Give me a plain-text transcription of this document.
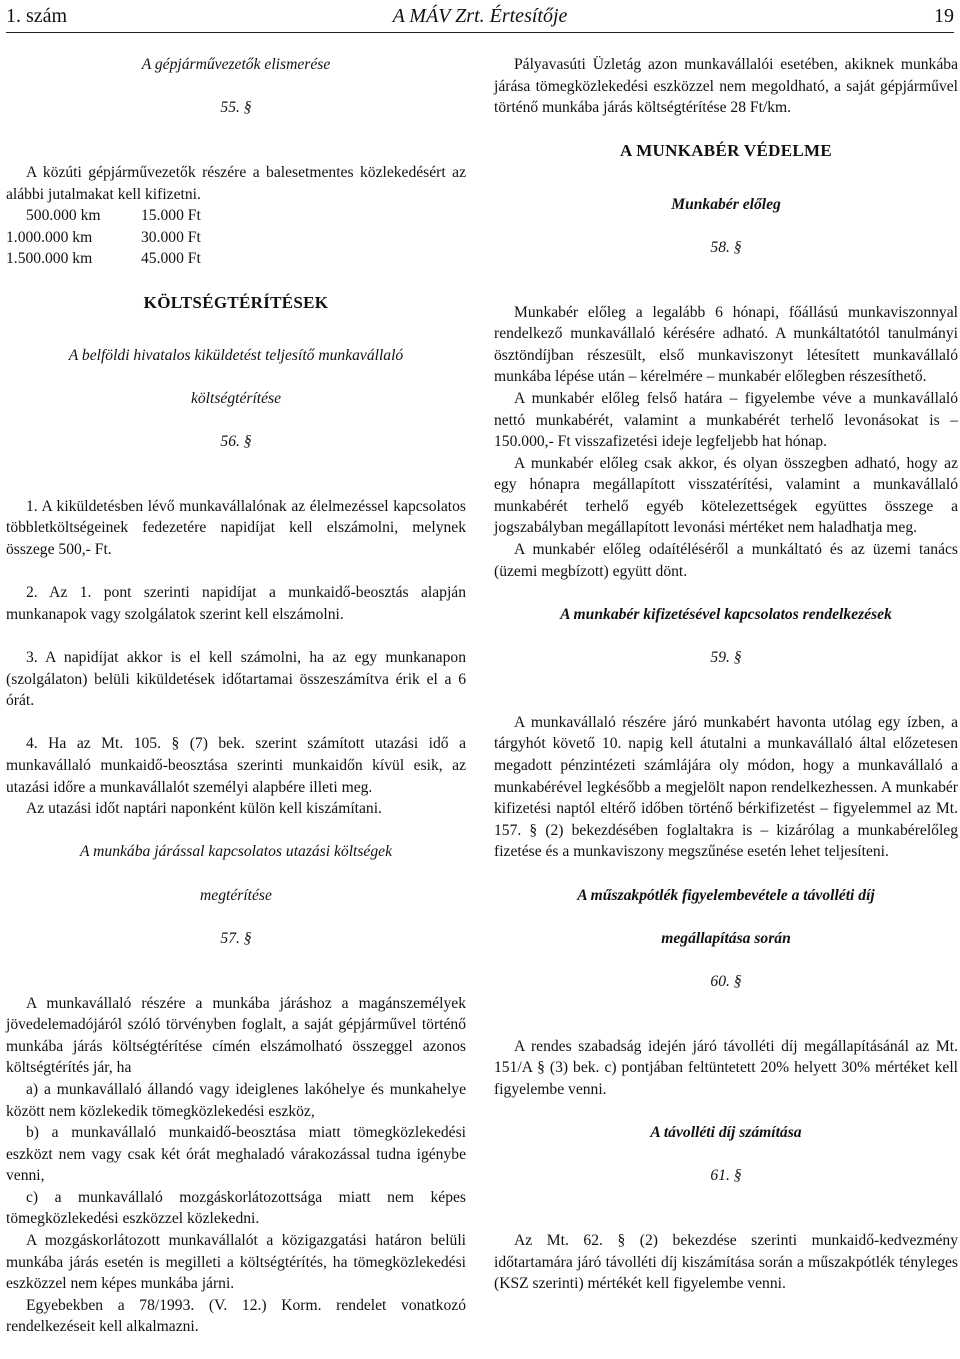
1. szám	A MÁV Zrt. Értesítője	19

A gépjárművezetők elismerése

55. §

A közúti gépjárművezetők részére a balesetmentes közlekedésért az alábbi jutalmakat kell kifizetni.

500.000 km	15.000 Ft
1.000.000 km	30.000 Ft
1.500.000 km	45.000 Ft

KÖLTSÉGTÉRÍTÉSEK

A belföldi hivatalos kiküldetést teljesítő munkavállaló

költségtérítése

56. §

1. A kiküldetésben lévő munkavállalónak az élelmezéssel kapcsolatos többletköltségeinek fedezetére napidíjat kell elszámolni, melynek összege 500,- Ft.

2. Az 1. pont szerinti napidíjat a munkaidő-beosztás alapján munkanapok vagy szolgálatok szerint kell elszámolni.

3. A napidíjat akkor is el kell számolni, ha az egy munkanapon (szolgálaton) belüli kiküldetések időtartamai összeszámítva érik el a 6 órát.

4. Ha az Mt. 105. § (7) bek. szerint számított utazási idő a munkavállaló munkaidő-beosztása szerinti munkaidőn kívül esik, az utazási időre a munkavállalót személyi alapbére illeti meg.

Az utazási időt naptári naponként külön kell kiszámítani.

A munkába járással kapcsolatos utazási költségek

megtérítése

57. §

A munkavállaló részére a munkába járáshoz a magánszemélyek jövedelemadójáról szóló törvényben foglalt, a saját gépjárművel történő munkába járás költségtérítése címén elszámolható összeggel azonos költségtérítés jár, ha

a) a munkavállaló állandó vagy ideiglenes lakóhelye és munkahelye között nem közlekedik tömegközlekedési eszköz,

b) a munkavállaló munkaidő-beosztása miatt tömegközlekedési eszközt nem vagy csak két órát meghaladó várakozással tudna igénybe venni,

c) a munkavállaló mozgáskorlátozottsága miatt nem képes tömegközlekedési eszközzel közlekedni.

A mozgáskorlátozott munkavállalót a közigazgatási határon belüli munkába járás esetén is megilleti a költségtérítés, ha tömegközlekedési eszközzel nem képes munkába járni.

Egyebekben a 78/1993. (V. 12.) Korm. rendelet vonatkozó rendelkezéseit kell alkalmazni.

Pályavasúti Üzletág azon munkavállalói esetében, akiknek munkába járása tömegközlekedési eszközzel nem megoldható, a saját gépjárművel történő munkába járás költségtérítése 28 Ft/km.

A MUNKABÉR VÉDELME

Munkabér előleg

58. §

Munkabér előleg a legalább 6 hónapi, főállású munkaviszonnyal rendelkező munkavállaló kérésére adható. A munkáltatótól tanulmányi ösztöndíjban részesült, első munkaviszonyt létesített munkavállaló munkába lépése után – kérelmére – munkabér előlegben részesíthető.

A munkabér előleg felső határa – figyelembe véve a munkavállaló nettó munkabérét, valamint a munkabérét terhelő levonásokat is – 150.000,- Ft visszafizetési ideje legfeljebb hat hónap.

A munkabér előleg csak akkor, és olyan összegben adható, hogy az egy hónapra megállapított visszatérítési, valamint a munkavállaló munkabérét terhelő egyéb kötelezettségek együttes összege a jogszabályban megállapított levonási mértéket nem haladhatja meg.

A munkabér előleg odaítéléséről a munkáltató és az üzemi tanács (üzemi megbízott) együtt dönt.

A munkabér kifizetésével kapcsolatos rendelkezések

59. §

A munkavállaló részére járó munkabért havonta utólag egy ízben, a tárgyhót követő 10. napig kell átutalni a munkavállaló által előzetesen megadott pénzintézeti számlájára oly módon, hogy a munkavállaló a munkabérével legkésőbb a megjelölt napon rendelkezhessen. A munkabér kifizetési naptól eltérő időben történő bérkifizetést – figyelemmel az Mt. 157. § (2) bekezdésében foglaltakra is – kizárólag a munkabérelőleg fizetése és a munkaviszony megszűnése esetén lehet teljesíteni.

A műszakpótlék figyelembevétele a távolléti díj

megállapítása során

60. §

A rendes szabadság idején járó távolléti díj megállapításánál az Mt. 151/A § (3) bek. c) pontjában feltüntetett 20% helyett 30% mértéket kell figyelembe venni.

A távolléti díj számítása

61. §

Az Mt. 62. § (2) bekezdése szerinti munkaidő-kedvezmény időtartamára járó távolléti díj kiszámítása során a műszakpótlék tényleges (KSZ szerinti) mértékét kell figyelembe venni.
